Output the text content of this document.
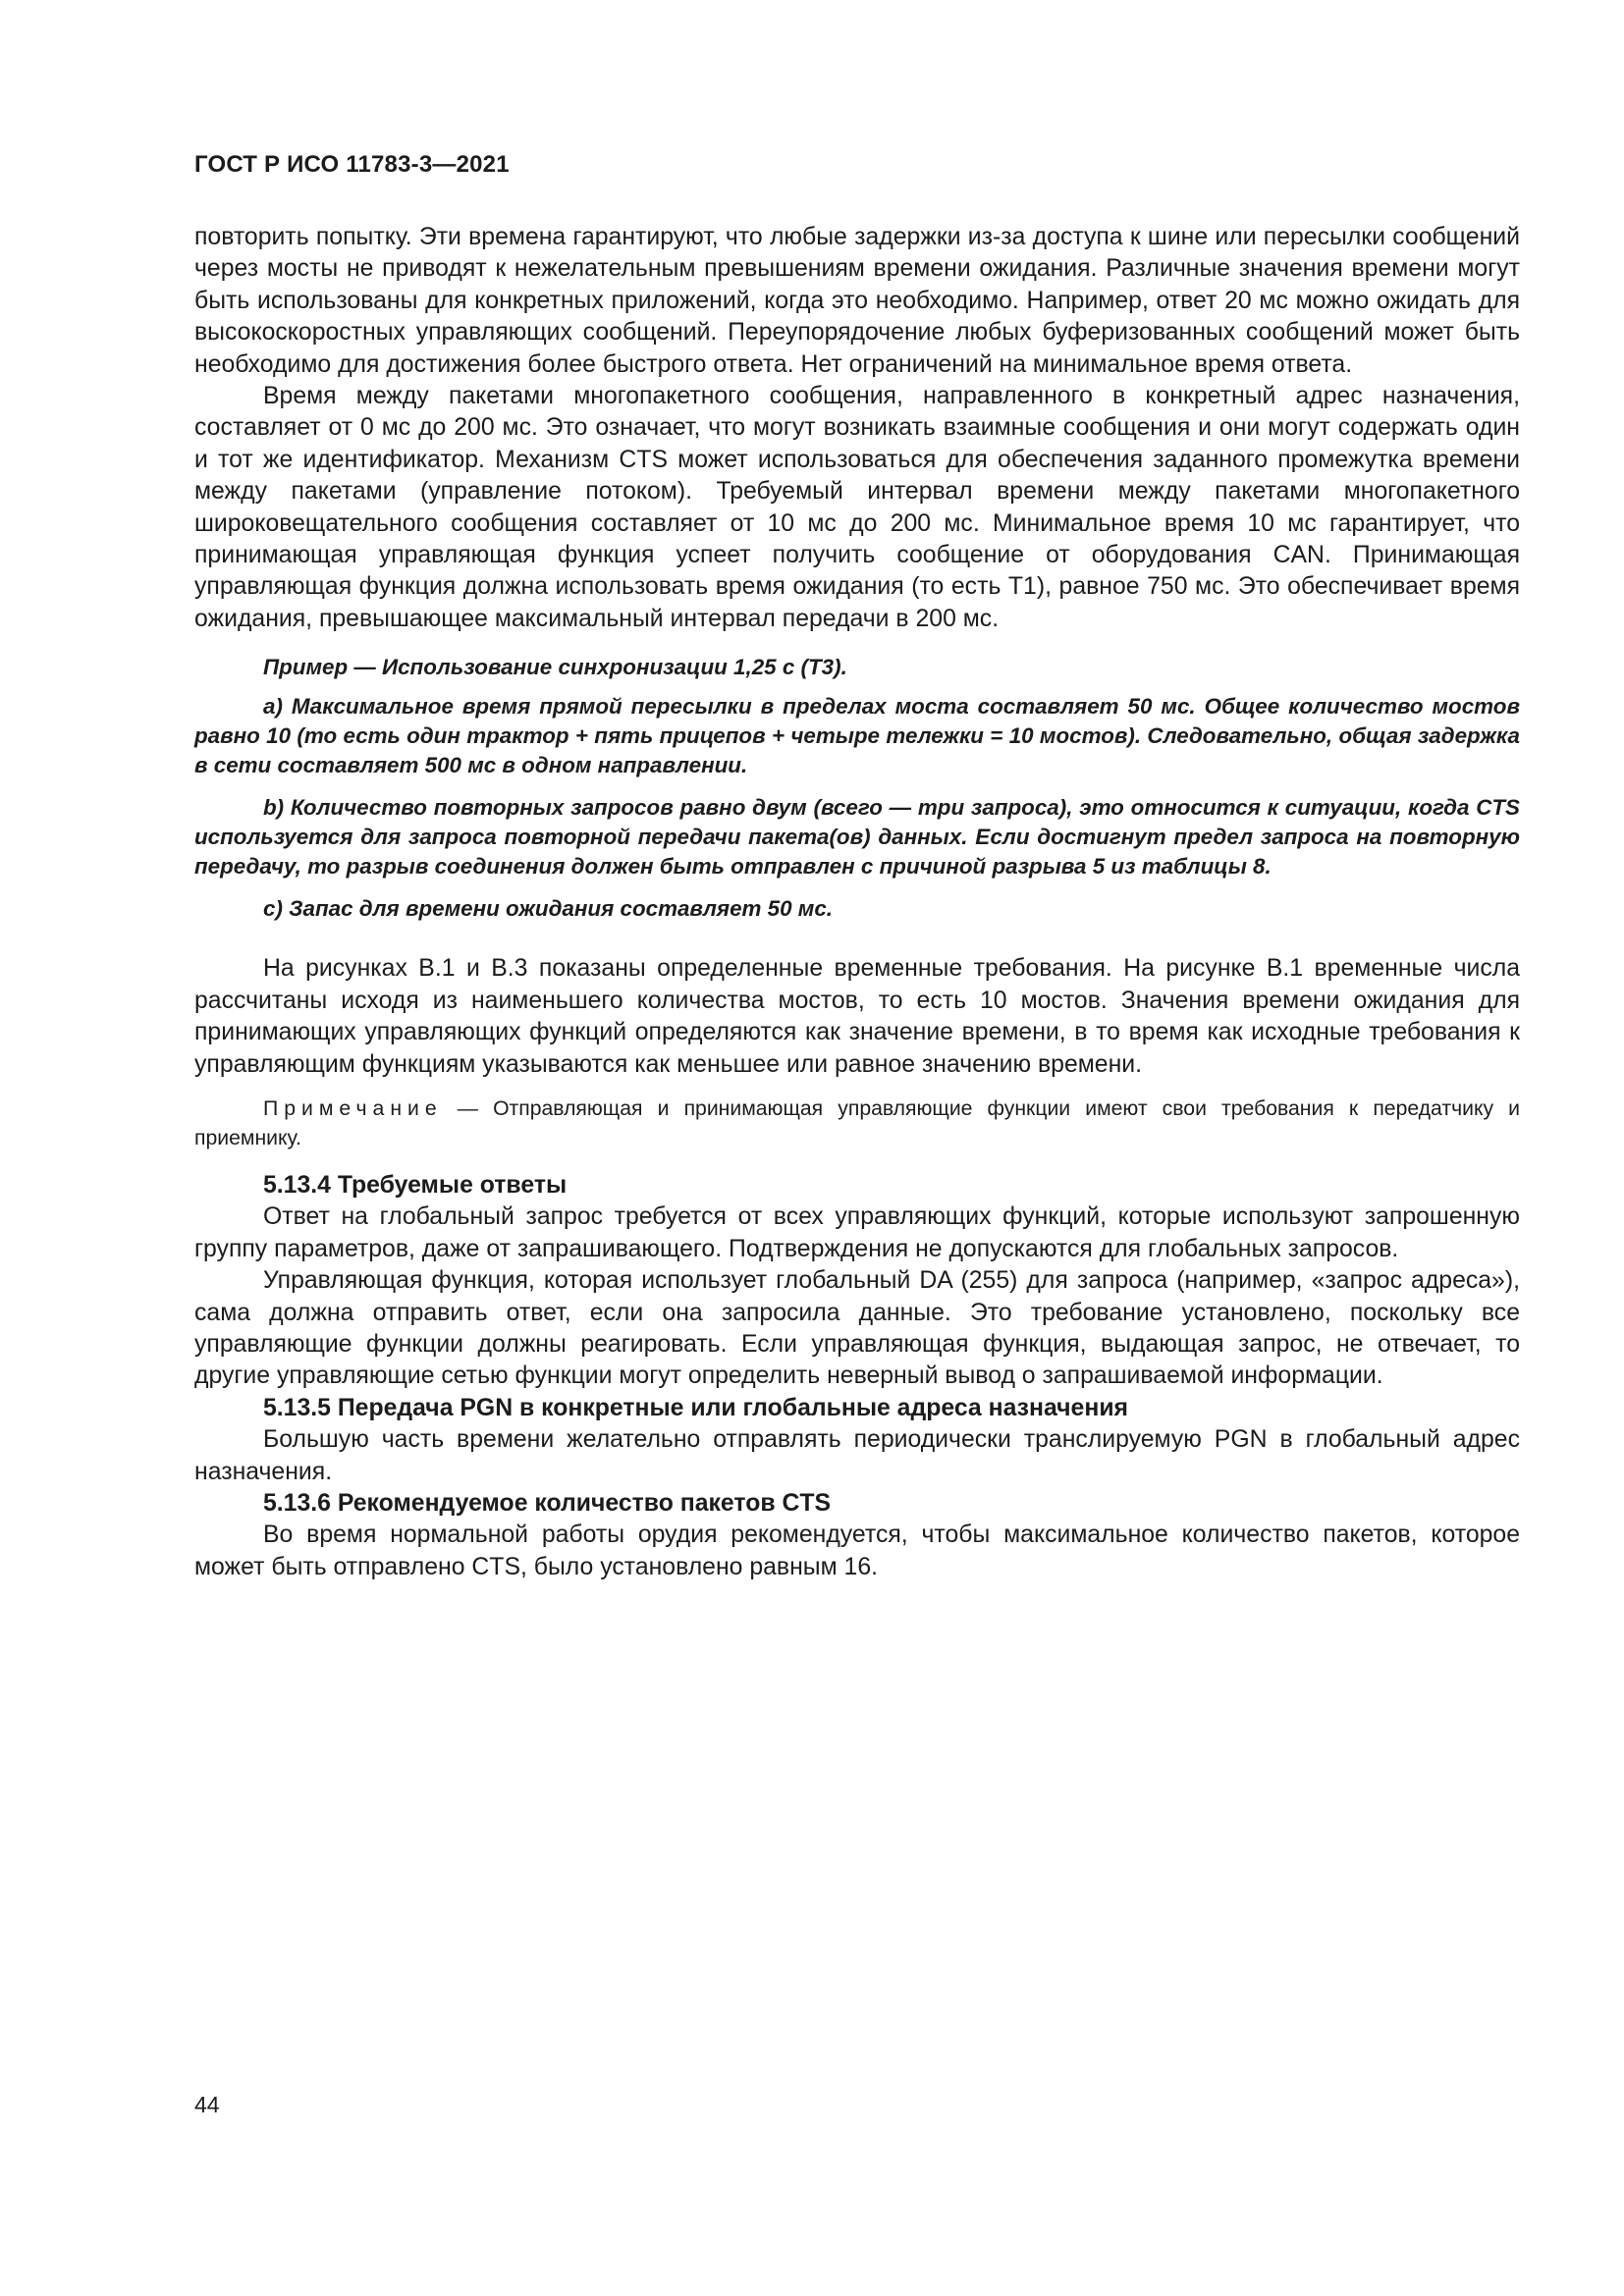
ГОСТ Р ИСО 11783-3—2021

повторить попытку. Эти времена гарантируют, что любые задержки из-за доступа к шине или пересылки сообщений через мосты не приводят к нежелательным превышениям времени ожидания. Различные значения времени могут быть использованы для конкретных приложений, когда это необходимо. Например, ответ 20 мс можно ожидать для высокоскоростных управляющих сообщений. Переупорядочение любых буферизованных сообщений может быть необходимо для достижения более быстрого ответа. Нет ограничений на минимальное время ответа.

Время между пакетами многопакетного сообщения, направленного в конкретный адрес назначения, составляет от 0 мс до 200 мс. Это означает, что могут возникать взаимные сообщения и они могут содержать один и тот же идентификатор. Механизм CTS может использоваться для обеспечения заданного промежутка времени между пакетами (управление потоком). Требуемый интервал времени между пакетами многопакетного широковещательного сообщения составляет от 10 мс до 200 мс. Минимальное время 10 мс гарантирует, что принимающая управляющая функция успеет получить сообщение от оборудования CAN. Принимающая управляющая функция должна использовать время ожидания (то есть T1), равное 750 мс. Это обеспечивает время ожидания, превышающее максимальный интервал передачи в 200 мс.

Пример — Использование синхронизации 1,25 с (T3).

a) Максимальное время прямой пересылки в пределах моста составляет 50 мс. Общее количество мостов равно 10 (то есть один трактор + пять прицепов + четыре тележки = 10 мостов). Следовательно, общая задержка в сети составляет 500 мс в одном направлении.

b) Количество повторных запросов равно двум (всего — три запроса), это относится к ситуации, когда CTS используется для запроса повторной передачи пакета(ов) данных. Если достигнут предел запроса на повторную передачу, то разрыв соединения должен быть отправлен с причиной разрыва 5 из таблицы 8.

c) Запас для времени ожидания составляет 50 мс.

На рисунках B.1 и B.3 показаны определенные временные требования. На рисунке B.1 временные числа рассчитаны исходя из наименьшего количества мостов, то есть 10 мостов. Значения времени ожидания для принимающих управляющих функций определяются как значение времени, в то время как исходные требования к управляющим функциям указываются как меньшее или равное значению времени.

Примечание — Отправляющая и принимающая управляющие функции имеют свои требования к передатчику и приемнику.
5.13.4 Требуемые ответы

Ответ на глобальный запрос требуется от всех управляющих функций, которые используют запрошенную группу параметров, даже от запрашивающего. Подтверждения не допускаются для глобальных запросов.

Управляющая функция, которая использует глобальный DA (255) для запроса (например, «запрос адреса»), сама должна отправить ответ, если она запросила данные. Это требование установлено, поскольку все управляющие функции должны реагировать. Если управляющая функция, выдающая запрос, не отвечает, то другие управляющие сетью функции могут определить неверный вывод о запрашиваемой информации.

5.13.5 Передача PGN в конкретные или глобальные адреса назначения

Большую часть времени желательно отправлять периодически транслируемую PGN в глобальный адрес назначения.

5.13.6 Рекомендуемое количество пакетов CTS

Во время нормальной работы орудия рекомендуется, чтобы максимальное количество пакетов, которое может быть отправлено CTS, было установлено равным 16.

44
